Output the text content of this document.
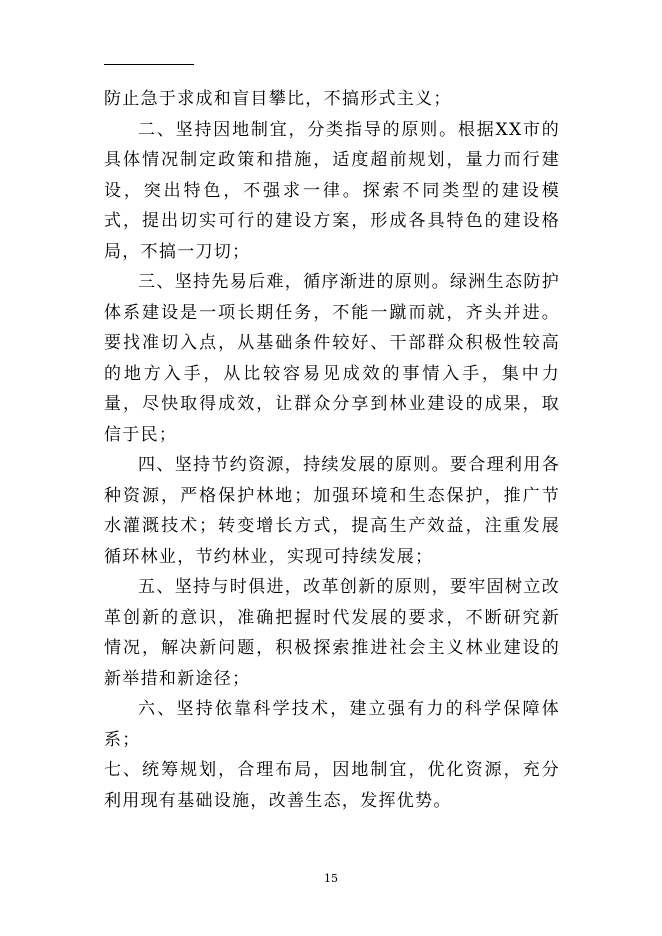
防止急于求成和盲目攀比，不搞形式主义；

二、坚持因地制宜，分类指导的原则。根据XX市的具体情况制定政策和措施，适度超前规划，量力而行建设，突出特色，不强求一律。探索不同类型的建设模式，提出切实可行的建设方案，形成各具特色的建设格局，不搞一刀切；

三、坚持先易后难，循序渐进的原则。绿洲生态防护体系建设是一项长期任务，不能一蹴而就，齐头并进。要找准切入点，从基础条件较好、干部群众积极性较高的地方入手，从比较容易见成效的事情入手，集中力量，尽快取得成效，让群众分享到林业建设的成果，取信于民；

四、坚持节约资源，持续发展的原则。要合理利用各种资源，严格保护林地；加强环境和生态保护，推广节水灌溉技术；转变增长方式，提高生产效益，注重发展循环林业，节约林业，实现可持续发展；

五、坚持与时俱进，改革创新的原则，要牢固树立改革创新的意识，准确把握时代发展的要求，不断研究新情况，解决新问题，积极探索推进社会主义林业建设的新举措和新途径；

六、坚持依靠科学技术，建立强有力的科学保障体系；

七、统筹规划，合理布局，因地制宜，优化资源，充分利用现有基础设施，改善生态，发挥优势。

15
